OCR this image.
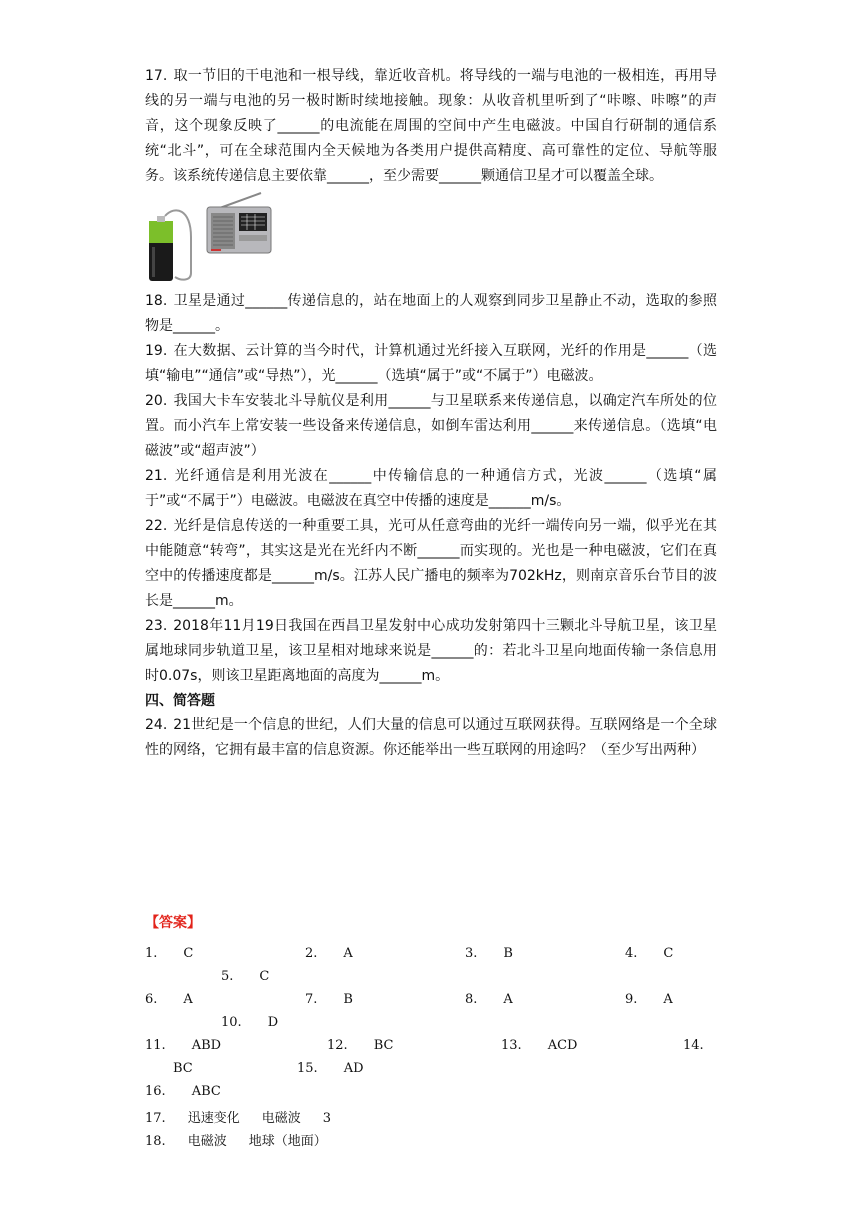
17. 取一节旧的干电池和一根导线，靠近收音机。将导线的一端与电池的一极相连，再用导线的另一端与电池的另一极时断时续地接触。现象：从收音机里听到了“咔嚓、咔嚓”的声音，这个现象反映了______的电流能在周围的空间中产生电磁波。中国自行研制的通信系统“北斗”，可在全球范围内全天候地为各类用户提供高精度、高可靠性的定位、导航等服务。该系统传递信息主要依靠______，至少需要______颗通信卫星才可以覆盖全球。

18. 卫星是通过______传递信息的，站在地面上的人观察到同步卫星静止不动，选取的参照物是______。

19. 在大数据、云计算的当今时代，计算机通过光纤接入互联网，光纤的作用是______（选填“输电”“通信”或“导热”），光______（选填“属于”或“不属于”）电磁波。

20. 我国大卡车安装北斗导航仪是利用______与卫星联系来传递信息，以确定汽车所处的位置。而小汽车上常安装一些设备来传递信息，如倒车雷达利用______来传递信息。（选填“电磁波”或“超声波”）

21. 光纤通信是利用光波在______中传输信息的一种通信方式，光波______（选填“属于”或“不属于”）电磁波。电磁波在真空中传播的速度是______m/s。

22. 光纤是信息传送的一种重要工具，光可从任意弯曲的光纤一端传向另一端，似乎光在其中能随意“转弯”，其实这是光在光纤内不断______而实现的。光也是一种电磁波，它们在真空中的传播速度都是______m/s。江苏人民广播电的频率为702kHz，则南京音乐台节目的波长是______m。

23. 2018年11月19日我国在西昌卫星发射中心成功发射第四十三颗北斗导航卫星，该卫星属地球同步轨道卫星，该卫星相对地球来说是______的：若北斗卫星向地面传输一条信息用时0.07s，则该卫星距离地面的高度为______m。

四、简答题

24. 21世纪是一个信息的世纪，人们大量的信息可以通过互联网获得。互联网络是一个全球性的网络，它拥有最丰富的信息资源。你还能举出一些互联网的用途吗？（至少写出两种）

【答案】
1. C	2. A	3. B	4. C
5. C
6. A	7. B	8. A	9. A
10. D
11. ABD	12. BC	13. ACD	14.
BC	15. AD
16. ABC
17. 迅速变化 电磁波 3
18. 电磁波 地球（地面）
